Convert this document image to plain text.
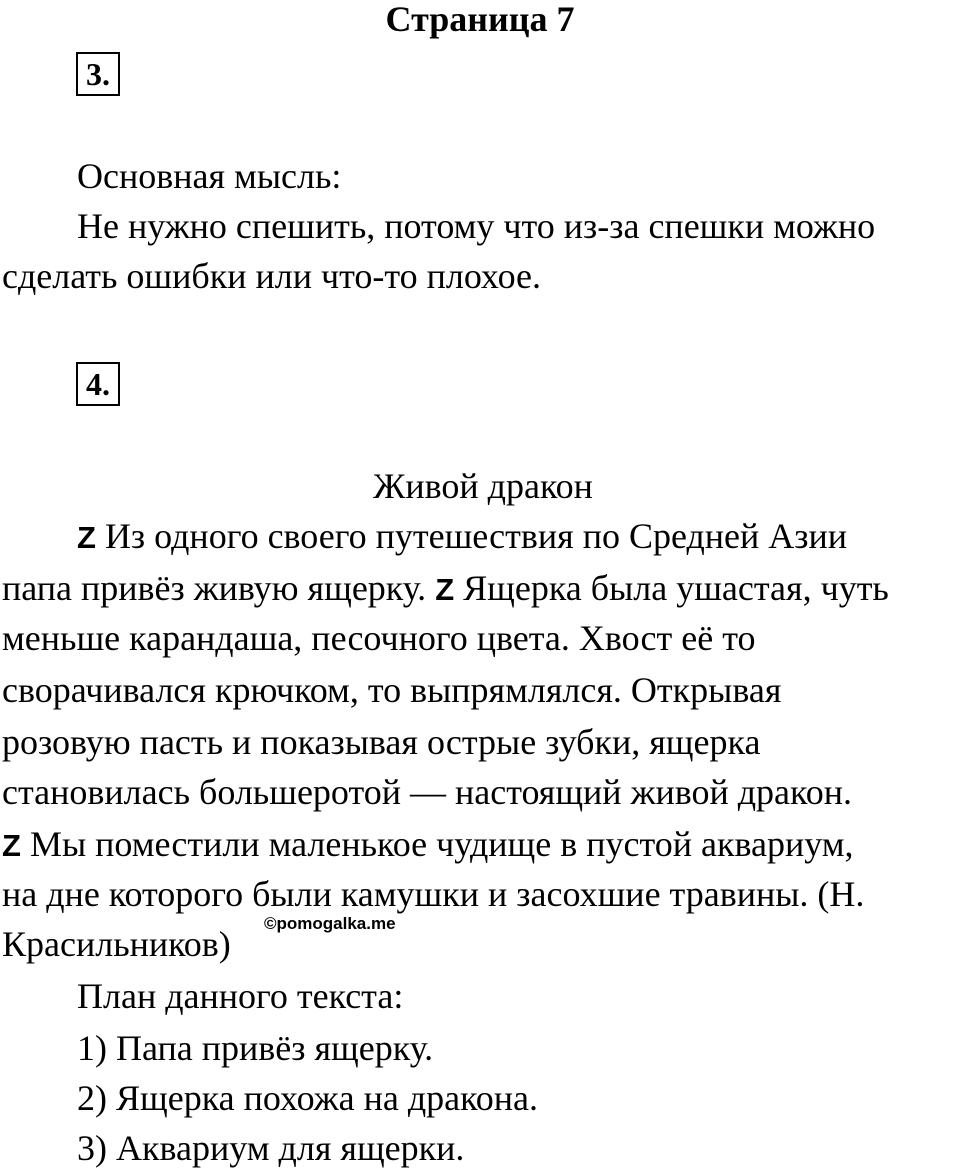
Страница 7
3.
Основная мысль:
Не нужно спешить, потому что из-за спешки можно
сделать ошибки или что-то плохое.
4.
Живой дракон
Z Из одного своего путешествия по Средней Азии
папа привёз живую ящерку. Z Ящерка была ушастая, чуть
меньше карандаша, песочного цвета. Хвост её то
сворачивался крючком, то выпрямлялся. Открывая
розовую пасть и показывая острые зубки, ящерка
становилась большеротой — настоящий живой дракон.
Z Мы поместили маленькое чудище в пустой аквариум,
на дне которого были камушки и засохшие травины. (Н.
Красильников)
©pomogalka.me
План данного текста:
1) Папа привёз ящерку.
2) Ящерка похожа на дракона.
3) Аквариум для ящерки.
